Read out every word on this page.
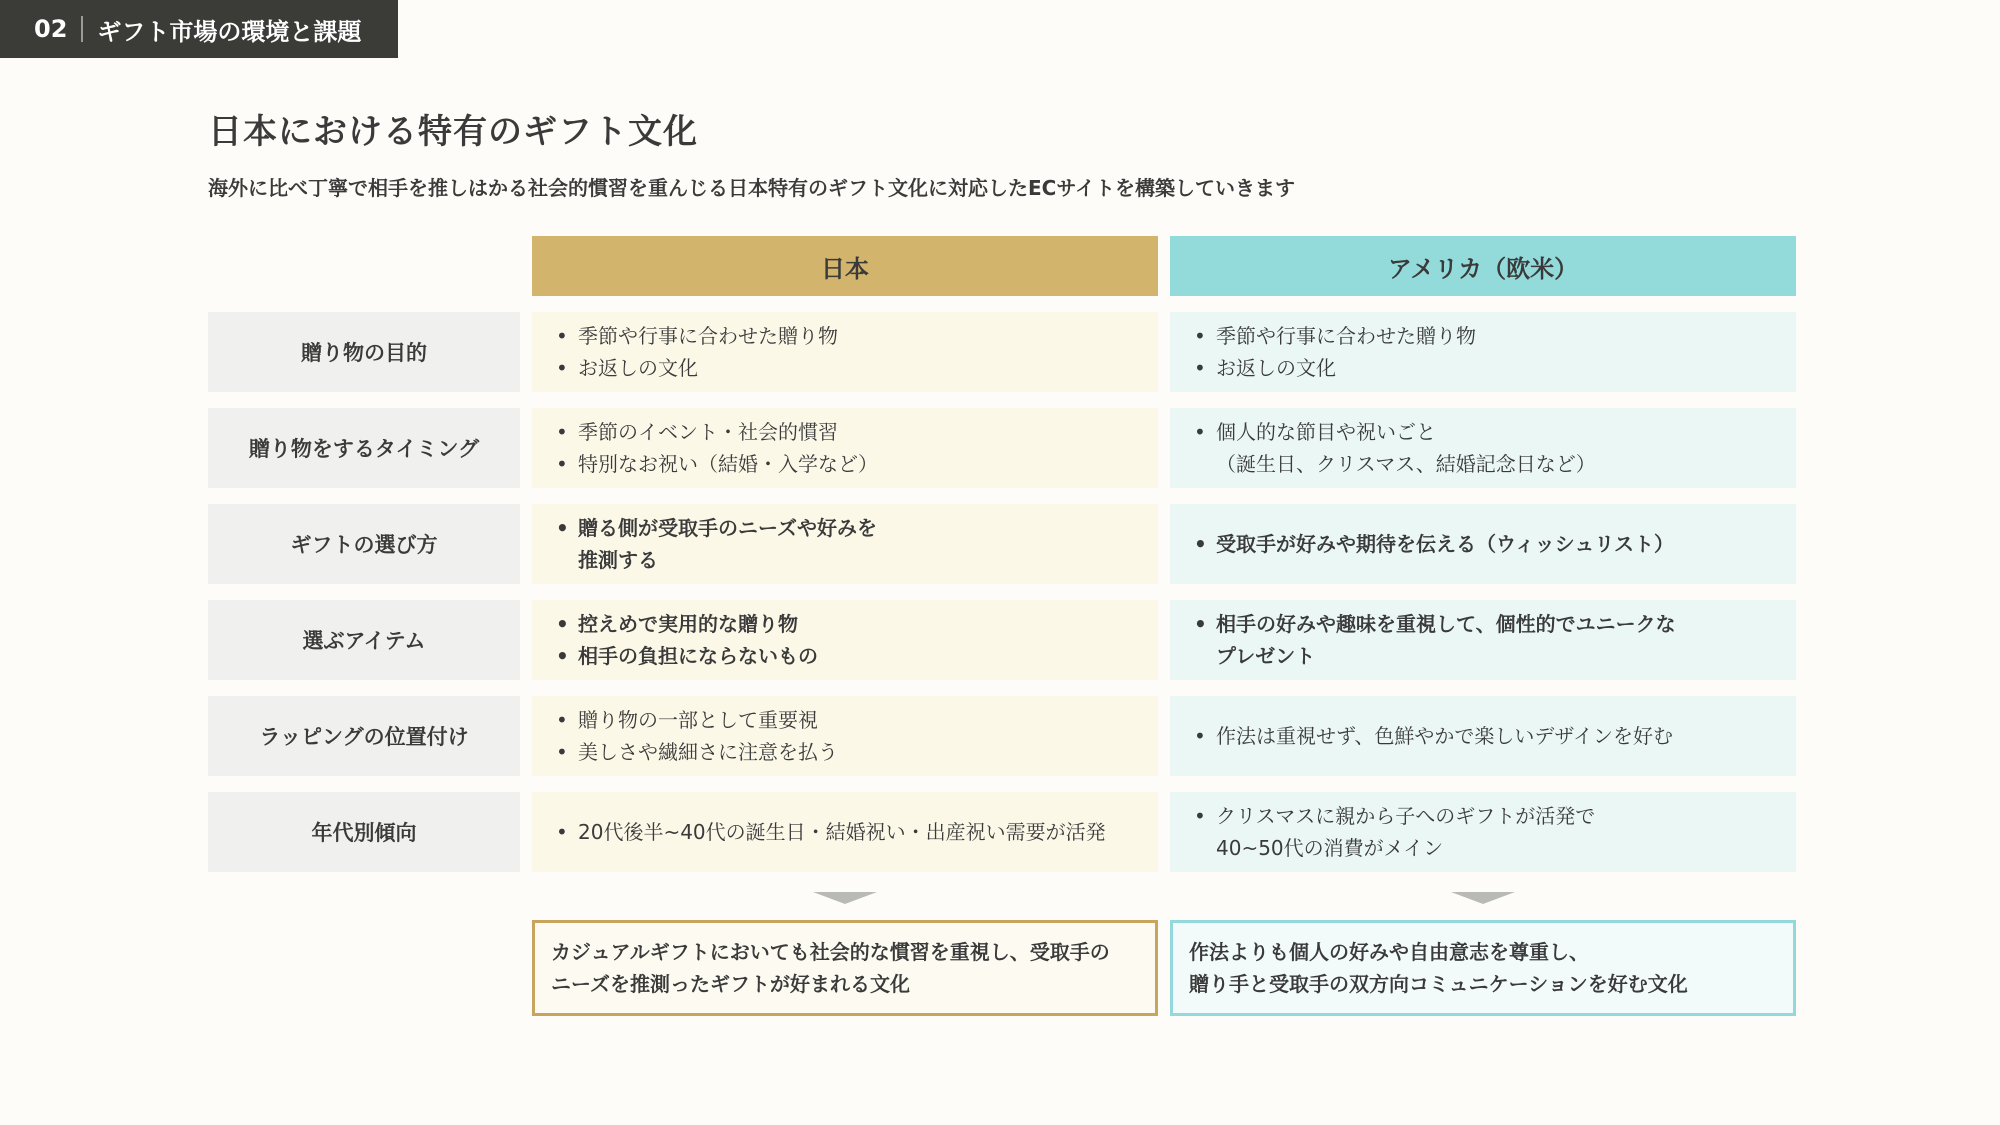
02 ギフト市場の環境と課題
日本における特有のギフト文化
海外に比べ丁寧で相手を推しはかる社会的慣習を重んじる日本特有のギフト文化に対応したECサイトを構築していきます
日本	アメリカ（欧米）
贈り物の目的
• 季節や行事に合わせた贈り物
• お返しの文化
• 季節や行事に合わせた贈り物
• お返しの文化
贈り物をするタイミング
• 季節のイベント・社会的慣習
• 特別なお祝い（結婚・入学など）
• 個人的な節目や祝いごと
（誕生日、クリスマス、結婚記念日など）
ギフトの選び方
• 贈る側が受取手のニーズや好みを
推測する
• 受取手が好みや期待を伝える（ウィッシュリスト）
選ぶアイテム
• 控えめで実用的な贈り物
• 相手の負担にならないもの
• 相手の好みや趣味を重視して、個性的でユニークな
プレゼント
ラッピングの位置付け
• 贈り物の一部として重要視
• 美しさや繊細さに注意を払う
• 作法は重視せず、色鮮やかで楽しいデザインを好む
年代別傾向
•	20代後半~40代の誕生日・結婚祝い・出産祝い需要が活発
• クリスマスに親から子へのギフトが活発で
40~50代の消費がメイン
カジュアルギフトにおいても社会的な慣習を重視し、受取手の
ニーズを推測ったギフトが好まれる文化
作法よりも個人の好みや自由意志を尊重し、
贈り手と受取手の双方向コミュニケーションを好む文化
